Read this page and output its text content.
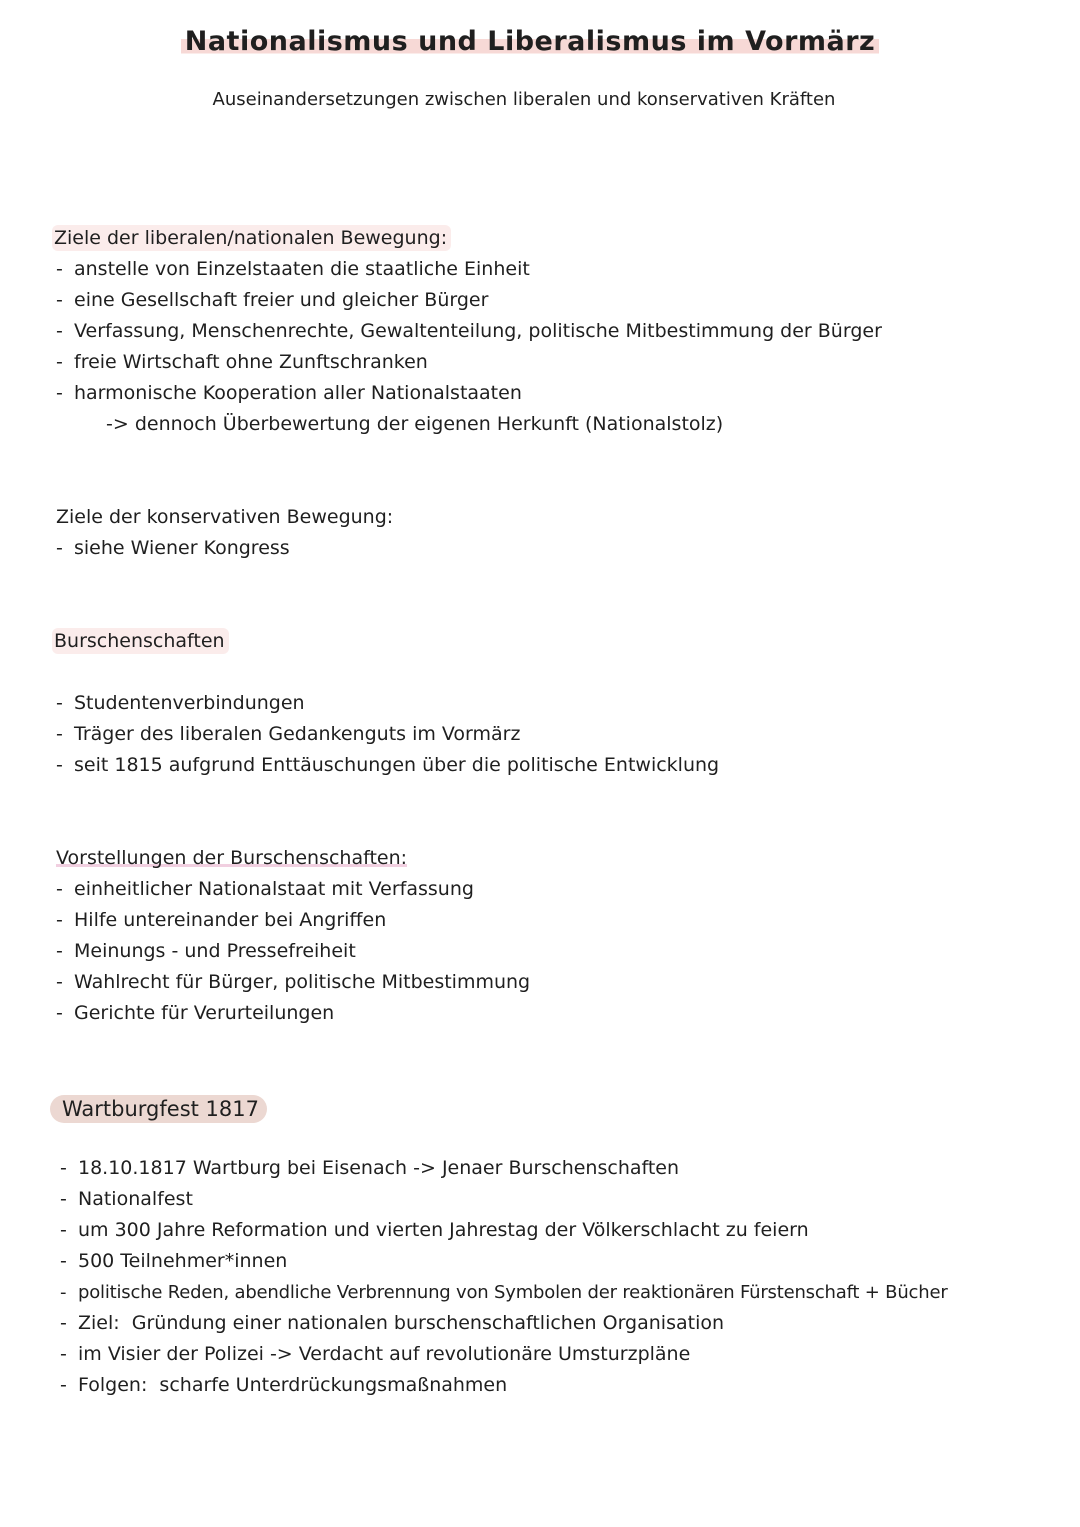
Nationalismus und Liberalismus im Vormärz
Auseinandersetzungen zwischen liberalen und konservativen Kräften
Ziele der liberalen/nationalen Bewegung:
- anstelle von Einzelstaaten die staatliche Einheit
- eine Gesellschaft freier und gleicher Bürger
- Verfassung, Menschenrechte, Gewaltenteilung, politische Mitbestimmung der Bürger
- freie Wirtschaft ohne Zunftschranken
- harmonische Kooperation aller Nationalstaaten
-> dennoch Überbewertung der eigenen Herkunft (Nationalstolz)
Ziele der konservativen Bewegung:
- siehe Wiener Kongress
Burschenschaften
- Studentenverbindungen
- Träger des liberalen Gedankenguts im Vormärz
- seit 1815 aufgrund Enttäuschungen über die politische Entwicklung
Vorstellungen der Burschenschaften:
- einheitlicher Nationalstaat mit Verfassung
- Hilfe untereinander bei Angriffen
- Meinungs - und Pressefreiheit
- Wahlrecht für Bürger, politische Mitbestimmung
- Gerichte für Verurteilungen
Wartburgfest 1817
- 18.10.1817 Wartburg bei Eisenach -> Jenaer Burschenschaften
- Nationalfest
- um 300 Jahre Reformation und vierten Jahrestag der Völkerschlacht zu feiern
- 500 Teilnehmer*innen
- politische Reden, abendliche Verbrennung von Symbolen der reaktionären Fürstenschaft + Bücher
- Ziel:  Gründung einer nationalen burschenschaftlichen Organisation
- im Visier der Polizei -> Verdacht auf revolutionäre Umsturzpläne
- Folgen:  scharfe Unterdrückungsmaßnahmen
